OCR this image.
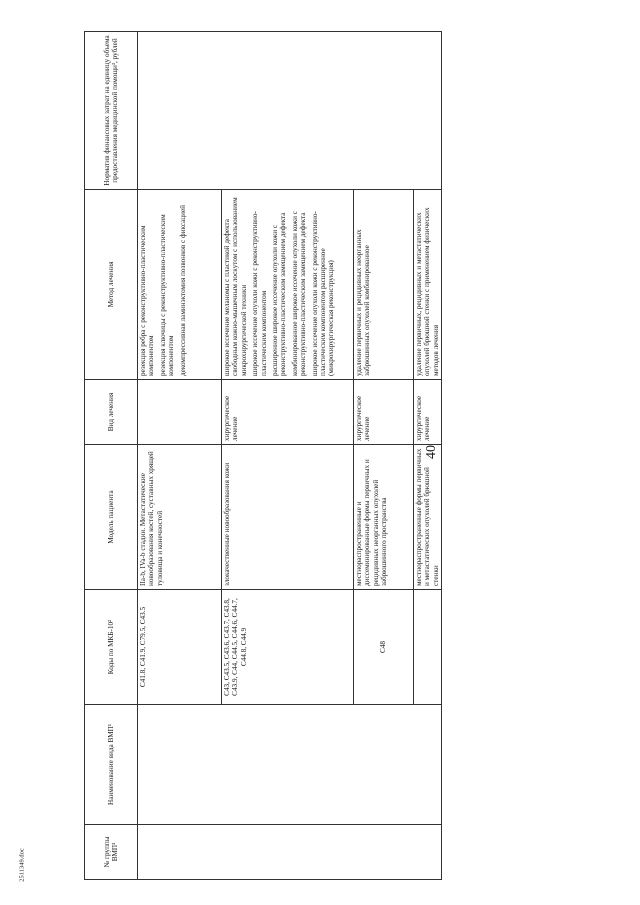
40
2511349.doc	№ группы ВМП¹	Наименование вида ВМП¹	Коды по МКБ-10²	Модель пациента	Вид лечения	Метод лечения	Норматив финансовых затрат на единицу объема предоставления медицинской помощи³, рублей
		C41.8, C41.9, C79.5, C43.5	IIa-b, IVa-b стадии. Метастатические новообразования костей, суставных хрящей туловища и конечностей		резекция ребра с реконструктивно-пластическим компонентом резекция ключицы с реконструктивно-пластическим компонентом декомпрессивная ламинэктомия позвонков с фиксацией	

		C43, C43.5, C43.6, C43.7, C43.8, C43.9, C44, C44.5, C44.6, C44.7, C44.8, C44.9	злокачественные новообразования кожи	хирургическое лечение	широкое иссечение меланомы с пластикой дефекта свободным кожно-мышечным лоскутом с использованием микрохирургической техники широкое иссечение опухоли кожи с реконструктивно-пластическим компонентом расширенное широкое иссечение опухоли кожи с реконструктивно-пластическим замещением дефекта комбинированное широкое иссечение опухоли кожи с реконструктивно-пластическим замещением дефекта широкое иссечение опухоли кожи с реконструктивно-пластическим компонентом расширенное (микрохирургическая реконструкция)	

		C48	местнораспространенные и диссеминированные формы первичных и рецидивных неорганных опухолей забрюшинного пространства	хирургическое лечение	удаление первичных и рецидивных неорганных забрюшинных опухолей комбинированное	

			местнораспространенные формы первичных и метастатических опухолей брюшной стенки	хирургическое лечение	удаление первичных, рецидивных и метастатических опухолей брюшной стенки с применением физических методов лечения	
